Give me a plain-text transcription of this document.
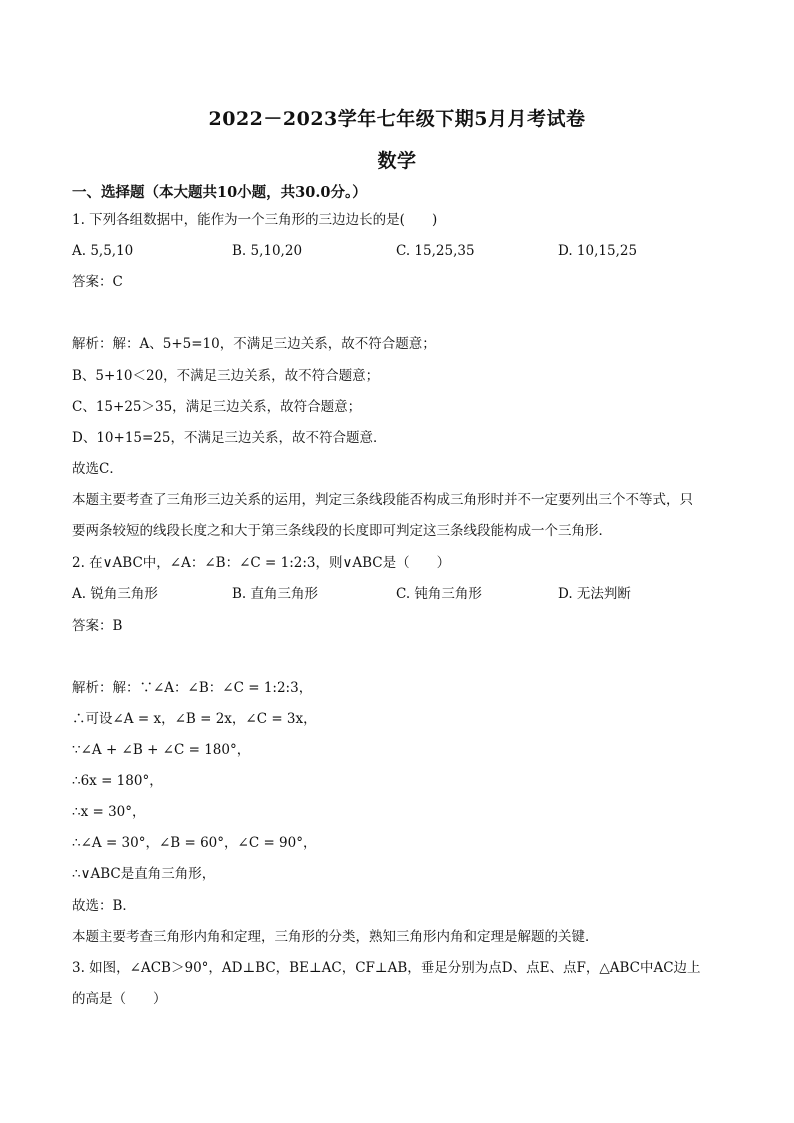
2022－2023学年七年级下期5月月考试卷
数学
一、选择题（本大题共10小题，共30.0分。）
1. 下列各组数据中，能作为一个三角形的三边边长的是(　　)
A. 5,5,10	B. 5,10,20	C. 15,25,35	D. 10,15,25
答案：C
解析：解：A、5+5=10，不满足三边关系，故不符合题意；
B、5+10＜20，不满足三边关系，故不符合题意；
C、15+25＞35，满足三边关系，故符合题意；
D、10+15=25，不满足三边关系，故不符合题意．
故选C．
本题主要考查了三角形三边关系的运用，判定三条线段能否构成三角形时并不一定要列出三个不等式，只
要两条较短的线段长度之和大于第三条线段的长度即可判定这三条线段能构成一个三角形．
2. 在∨ABC中，∠A：∠B：∠C = 1:2:3，则∨ABC是（　　）
A. 锐角三角形	B. 直角三角形	C. 钝角三角形	D. 无法判断
答案：B
解析：解：∵∠A：∠B：∠C = 1:2:3，
∴可设∠A = x，∠B = 2x，∠C = 3x，
∵∠A + ∠B + ∠C = 180°，
∴6x = 180°，
∴x = 30°，
∴∠A = 30°，∠B = 60°，∠C = 90°，
∴∨ABC是直角三角形，
故选：B．
本题主要考查三角形内角和定理，三角形的分类，熟知三角形内角和定理是解题的关键．
3. 如图，∠ACB＞90°，AD⊥BC，BE⊥AC，CF⊥AB，垂足分别为点D、点E、点F，△ABC中AC边上
的高是（　　）
